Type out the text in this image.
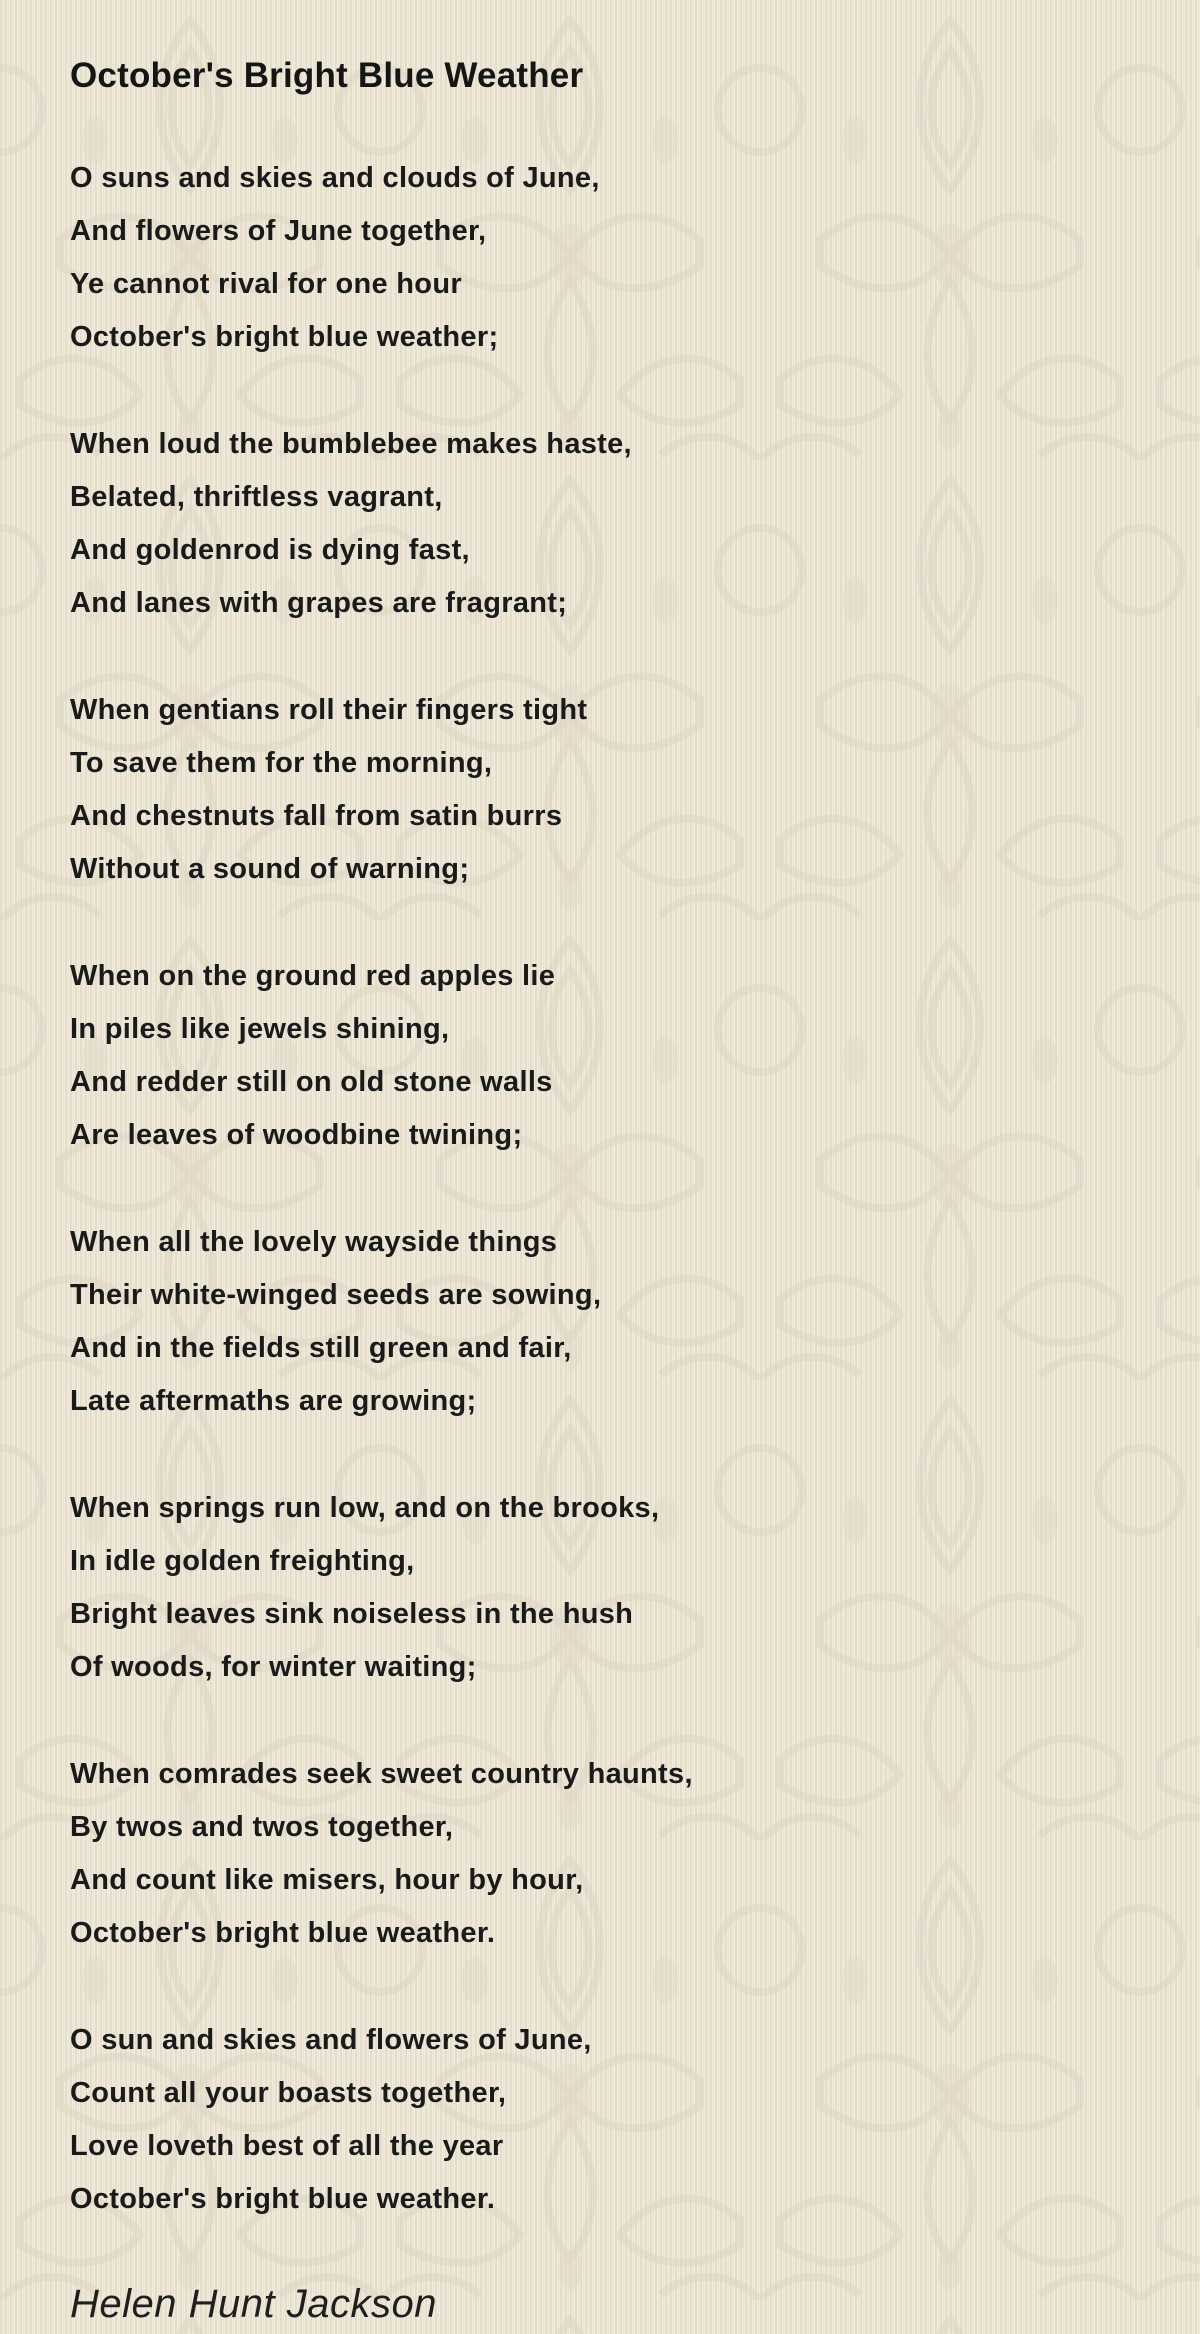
October's Bright Blue Weather

O suns and skies and clouds of June,

And flowers of June together,

Ye cannot rival for one hour

October's bright blue weather;

When loud the bumblebee makes haste,

Belated, thriftless vagrant,

And goldenrod is dying fast,

And lanes with grapes are fragrant;

When gentians roll their fingers tight

To save them for the morning,

And chestnuts fall from satin burrs

Without a sound of warning;

When on the ground red apples lie

In piles like jewels shining,

And redder still on old stone walls

Are leaves of woodbine twining;

When all the lovely wayside things

Their white-winged seeds are sowing,

And in the fields still green and fair,

Late aftermaths are growing;

When springs run low, and on the brooks,

In idle golden freighting,

Bright leaves sink noiseless in the hush

Of woods, for winter waiting;

When comrades seek sweet country haunts,

By twos and twos together,

And count like misers, hour by hour,

October's bright blue weather.

O sun and skies and flowers of June,

Count all your boasts together,

Love loveth best of all the year

October's bright blue weather.

Helen Hunt Jackson
